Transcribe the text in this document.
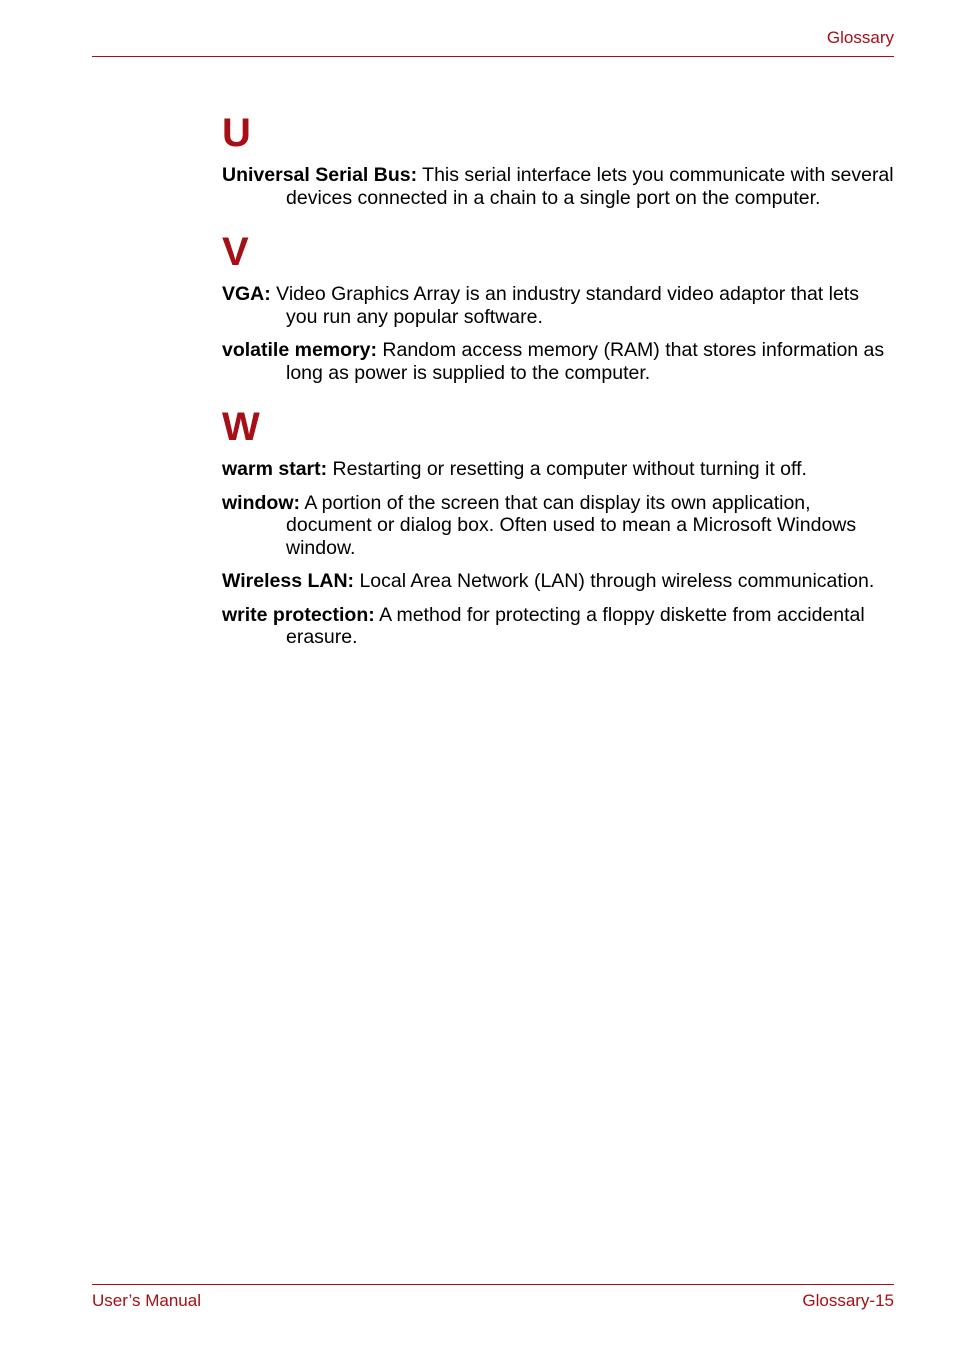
Glossary
U

Universal Serial Bus: This serial interface lets you communicate with several devices connected in a chain to a single port on the computer.

V

VGA: Video Graphics Array is an industry standard video adaptor that lets you run any popular software.

volatile memory: Random access memory (RAM) that stores information as long as power is supplied to the computer.

W

warm start: Restarting or resetting a computer without turning it off.

window: A portion of the screen that can display its own application, document or dialog box. Often used to mean a Microsoft Windows window.

Wireless LAN: Local Area Network (LAN) through wireless communication.

write protection: A method for protecting a floppy diskette from accidental erasure.

User’s Manual	Glossary-15
